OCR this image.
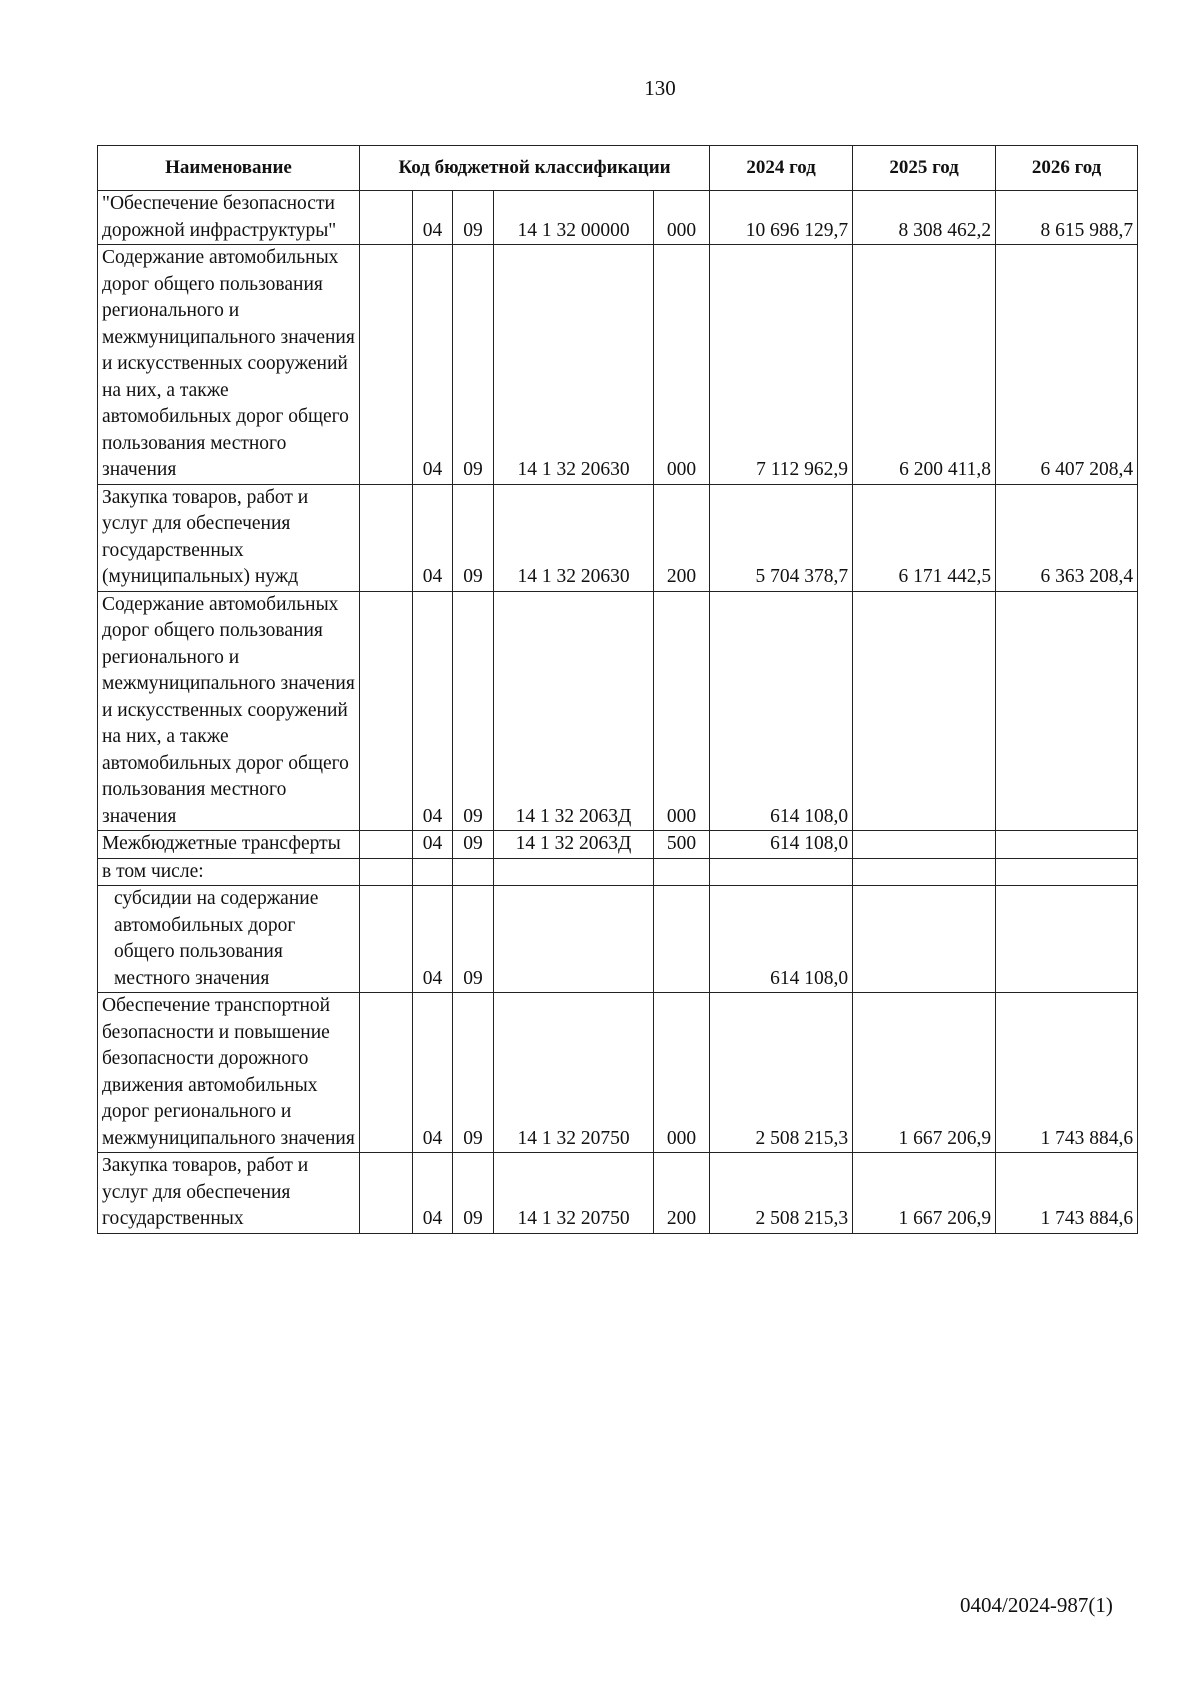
130
Наименование	Код бюджетной классификации					2024 год	2025 год	2026 год
"Обеспечение безопасности дорожной инфраструктуры"		04	09	14 1 32 00000	000	10 696 129,7	8 308 462,2	8 615 988,7
Содержание автомобильных дорог общего пользования регионального и межмуниципального значения и искусственных сооружений на них, а также автомобильных дорог общего пользования местного значения		04	09	14 1 32 20630	000	7 112 962,9	6 200 411,8	6 407 208,4
Закупка товаров, работ и услуг для обеспечения государственных (муниципальных) нужд		04	09	14 1 32 20630	200	5 704 378,7	6 171 442,5	6 363 208,4
Содержание автомобильных дорог общего пользования регионального и межмуниципального значения и искусственных сооружений на них, а также автомобильных дорог общего пользования местного значения		04	09	14 1 32 2063Д	000	614 108,0		
Межбюджетные трансферты		04	09	14 1 32 2063Д	500	614 108,0		
в том числе:								
субсидии на содержание автомобильных дорог общего пользования местного значения		04	09			614 108,0		
Обеспечение транспортной безопасности и повышение безопасности дорожного движения автомобильных дорог регионального и межмуниципального значения		04	09	14 1 32 20750	000	2 508 215,3	1 667 206,9	1 743 884,6
Закупка товаров, работ и услуг для обеспечения государственных		04	09	14 1 32 20750	200	2 508 215,3	1 667 206,9	1 743 884,6
0404/2024-987(1)
